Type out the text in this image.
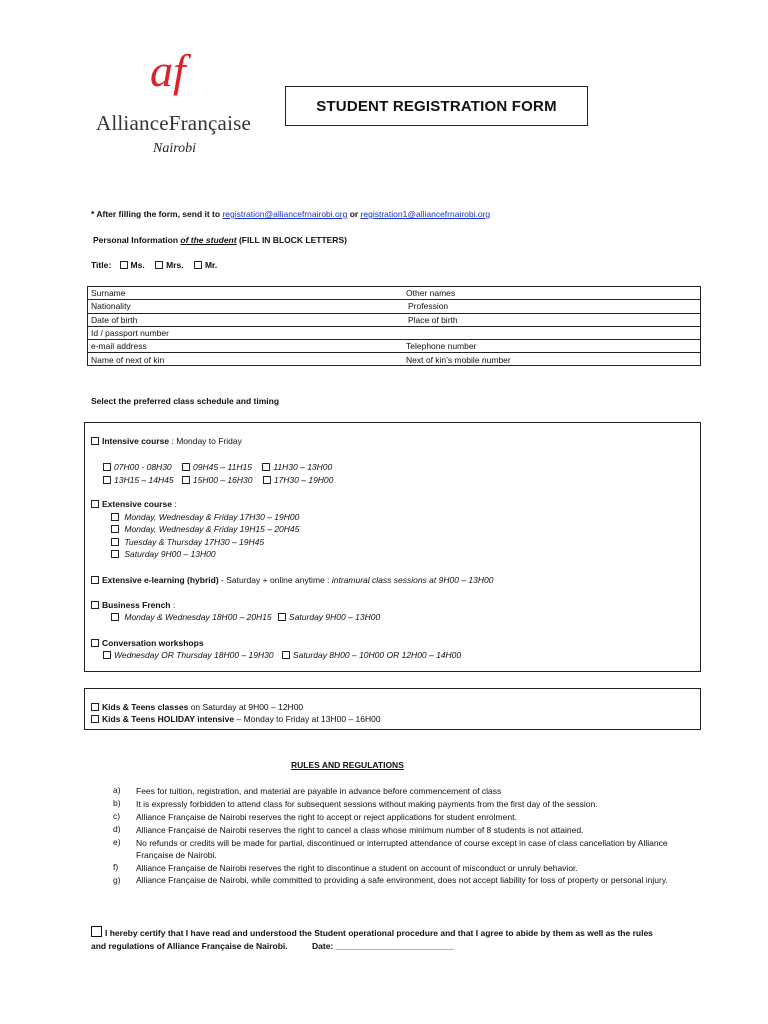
af
AllianceFrançaise
Nairobi
STUDENT REGISTRATION FORM
* After filling the form, send it to registration@alliancefrnairobi.org or registration1@alliancefrnairobi.org
Personal Information of the student (FILL IN BLOCK LETTERS)
Title: Ms.	Mrs.	Mr.
Surname	Other names
Nationality	Profession
Date of birth	Place of birth
Id / passport number
e-mail address	Telephone number
Name of next of kin	Next of kin’s mobile number
Select the preferred class schedule and timing
Intensive course : Monday to Friday
07H00 - 08H30	09H45 – 11H15	11H30 – 13H00
13H15 – 14H45 15H00 – 16H30	17H30 – 19H00
Extensive course :
Monday, Wednesday & Friday 17H30 – 19H00
Monday, Wednesday & Friday 19H15 – 20H45
Tuesday & Thursday 17H30 – 19H45
Saturday 9H00 – 13H00
Extensive e-learning (hybrid) - Saturday + online anytime : intramural class sessions at 9H00 – 13H00
Business French :
Monday & Wednesday 18H00 – 20H15 Saturday 9H00 – 13H00
Conversation workshops
Wednesday OR Thursday 18H00 – 19H30 Saturday 8H00 – 10H00 OR 12H00 – 14H00
Kids & Teens classes on Saturday at 9H00 – 12H00
Kids & Teens HOLIDAY intensive – Monday to Friday at 13H00 – 16H00
RULES AND REGULATIONS
a) Fees for tuition, registration, and material are payable in advance before commencement of class
b) It is expressly forbidden to attend class for subsequent sessions without making payments from the first day of the session.
c) Alliance Française de Nairobi reserves the right to accept or reject applications for student enrolment.
d) Alliance Française de Nairobi reserves the right to cancel a class whose minimum number of 8 students is not attained.
e) No refunds or credits will be made for partial, discontinued or interrupted attendance of course except in case of class cancellation by Alliance Française de Nairobi.
f) Alliance Française de Nairobi reserves the right to discontinue a student on account of misconduct or unruly behavior.
g) Alliance Française de Nairobi, while committed to providing a safe environment, does not accept liability for loss of property or personal injury.
I hereby certify that I have read and understood the Student operational procedure and that I agree to abide by them as well as the rules
and regulations of Alliance Française de Nairobi.	Date: _________________________
